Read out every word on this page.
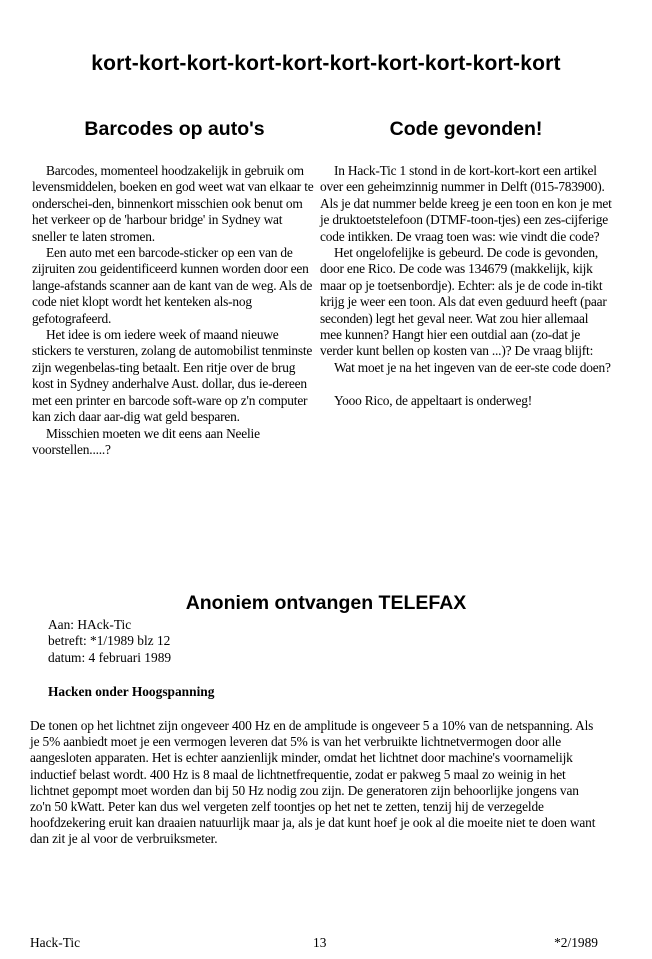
kort-kort-kort-kort-kort-kort-kort-kort-kort-kort
Barcodes op auto's

Barcodes, momenteel hoodzakelijk in gebruik om levensmiddelen, boeken en god weet wat van elkaar te onderschei-den, binnenkort misschien ook benut om het verkeer op de 'harbour bridge' in Sydney wat sneller te laten stromen.

Een auto met een barcode-sticker op een van de zijruiten zou geidentificeerd kunnen worden door een lange-afstands scanner aan de kant van de weg. Als de code niet klopt wordt het kenteken als-nog gefotografeerd.

Het idee is om iedere week of maand nieuwe stickers te versturen, zolang de automobilist tenminste zijn wegenbelas-ting betaalt. Een ritje over de brug kost in Sydney anderhalve Aust. dollar, dus ie-dereen met een printer en barcode soft-ware op z'n computer kan zich daar aar-dig wat geld besparen.

Misschien moeten we dit eens aan Neelie voorstellen.....?

Code gevonden!

In Hack-Tic 1 stond in de kort-kort-kort een artikel over een geheimzinnig nummer in Delft (015-783900). Als je dat nummer belde kreeg je een toon en kon je met je druktoetstelefoon (DTMF-toon-tjes) een zes-cijferige code intikken. De vraag toen was: wie vindt die code?

Het ongelofelijke is gebeurd. De code is gevonden, door ene Rico. De code was 134679 (makkelijk, kijk maar op je toetsenbordje). Echter: als je de code in-tikt krijg je weer een toon. Als dat even geduurd heeft (paar seconden) legt het geval neer. Wat zou hier allemaal mee kunnen? Hangt hier een outdial aan (zo-dat je verder kunt bellen op kosten van ...)? De vraag blijft:

Wat moet je na het ingeven van de eer-ste code doen?

Yooo Rico, de appeltaart is onderweg!

Anoniem ontvangen TELEFAX
Aan: HAck-Tic
betreft: *1/1989 blz 12
datum: 4 februari 1989
Hacken onder Hoogspanning

De tonen op het lichtnet zijn ongeveer 400 Hz en de amplitude is ongeveer 5 a 10% van de netspanning. Als je 5% aanbiedt moet je een vermogen leveren dat 5% is van het verbruikte lichtnetvermogen door alle aangesloten apparaten. Het is echter aanzienlijk minder, omdat het lichtnet door machine's voornamelijk inductief belast wordt. 400 Hz is 8 maal de lichtnetfrequentie, zodat er pakweg 5 maal zo weinig in het lichtnet gepompt moet worden dan bij 50 Hz nodig zou zijn. De generatoren zijn behoorlijke jongens van zo'n 50 kWatt. Peter kan dus wel vergeten zelf toontjes op het net te zetten, tenzij hij de verzegelde hoofdzekering eruit kan draaien natuurlijk maar ja, als je dat kunt hoef je ook al die moeite niet te doen want dan zit je al voor de verbruiksmeter.

Hack-Tic	13	*2/1989
